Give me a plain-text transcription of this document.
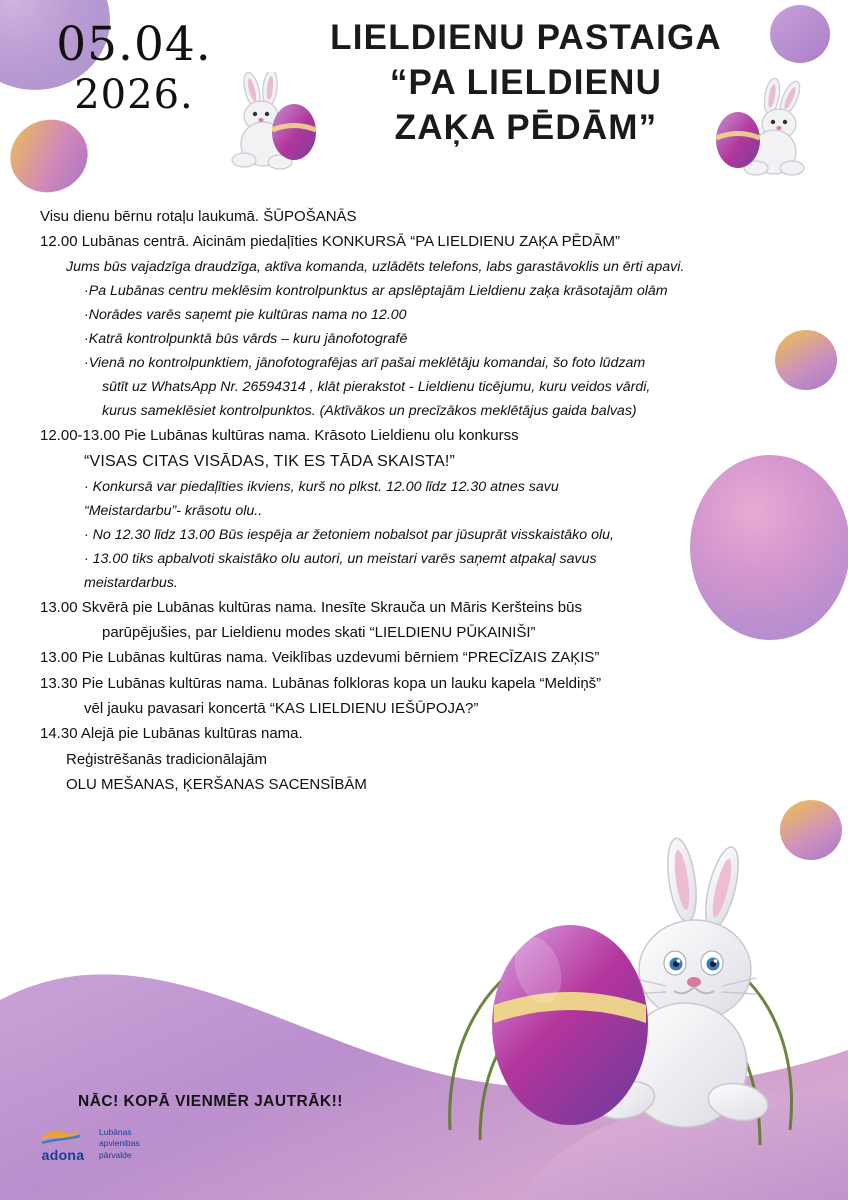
05.04.
2026.
LIELDIENU PASTAIGA
“PA LIELDIENU
ZAĶA PĒDĀM”

Visu dienu bērnu rotaļu laukumā. ŠŪPOŠANĀS

12.00 Lubānas centrā. Aicinām piedaļīties KONKURSĀ “PA LIELDIENU ZAĶA PĒDĀM”

Jums būs vajadzīga draudzīga, aktīva komanda, uzlādēts telefons, labs garastāvoklis un ērti apavi.

·Pa Lubānas centru meklēsim kontrolpunktus ar apslēptajām Lieldienu zaķa krāsotajām olām

·Norādes varēs saņemt pie kultūras nama no 12.00

·Katrā kontrolpunktā būs vārds – kuru jānofotografē

·Vienā no kontrolpunktiem, jānofotografējas arī pašai meklētāju komandai, šo foto lūdzam

sūtīt uz WhatsApp Nr. 26594314 , klāt pierakstot - Lieldienu ticējumu, kuru veidos vārdi,

kurus sameklēsiet kontrolpunktos. (Aktīvākos un precīzākos meklētājus gaida balvas)

12.00-13.00 Pie Lubānas kultūras nama. Krāsoto Lieldienu olu konkurss

“VISAS CITAS VISĀDAS, TIK ES TĀDA SKAISTA!”

· Konkursā var piedaļīties ikviens, kurš no plkst. 12.00 līdz 12.30 atnes savu

“Meistardarbu”- krāsotu olu..

· No 12.30 līdz 13.00 Būs iespēja ar žetoniem nobalsot par jūsuprāt visskaistāko olu,

· 13.00 tiks apbalvoti skaistāko olu autori, un meistari varēs saņemt atpakaļ savus

meistardarbus.

13.00 Skvērā pie Lubānas kultūras nama. Inesīte Skrauča un Māris Keršteins būs

parūpējušies, par Lieldienu modes skati “LIELDIENU PŪKAINIŠI”

13.00 Pie Lubānas kultūras nama. Veiklības uzdevumi bērniem “PRECĪZAIS ZAĶIS”

13.30 Pie Lubānas kultūras nama. Lubānas folkloras kopa un lauku kapela “Meldiņš”

vēl jauku pavasari koncertā “KAS LIELDIENU IEŠŪPOJA?”

14.30 Alejā pie Lubānas kultūras nama.

Reģistrēšanās tradicionālajām

OLU MEŠANAS, ĶERŠANAS SACENSĪBĀM

NĀC! KOPĀ VIENMĒR JAUTRĀK!!
adona
Lubānas
apvienibas
pārvalde
